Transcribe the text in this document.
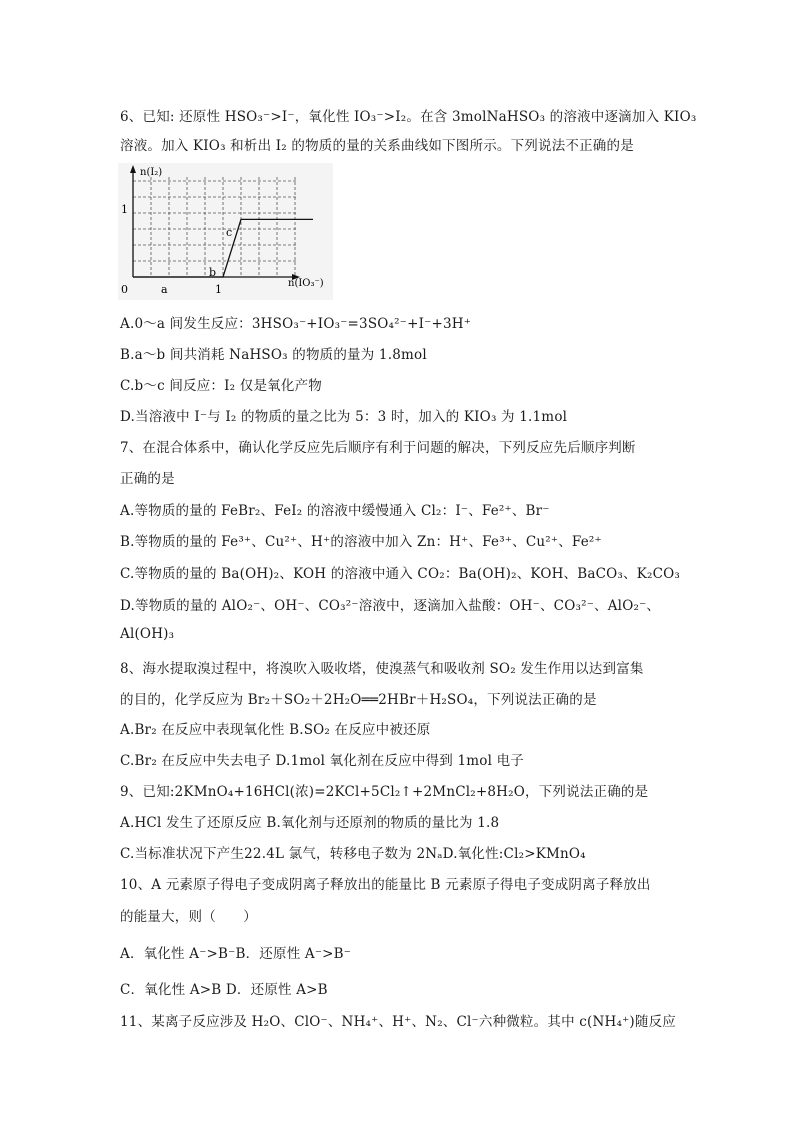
6、已知: 还原性 HSO₃⁻>I⁻，氧化性 IO₃⁻>I₂。在含 3molNaHSO₃ 的溶液中逐滴加入 KIO₃
溶液。加入 KIO₃ 和析出 I₂ 的物质的量的关系曲线如下图所示。下列说法不正确的是
n(I₂)
n(IO₃⁻)
0	a	1
1
b
c
A.0～a 间发生反应：3HSO₃⁻+IO₃⁻=3SO₄²⁻+I⁻+3H⁺
B.a～b 间共消耗 NaHSO₃ 的物质的量为 1.8mol
C.b～c 间反应：I₂ 仅是氧化产物
D.当溶液中 I⁻与 I₂ 的物质的量之比为 5：3 时，加入的 KIO₃ 为 1.1mol
7、在混合体系中，确认化学反应先后顺序有利于问题的解决，下列反应先后顺序判断
正确的是
A.等物质的量的 FeBr₂、FeI₂ 的溶液中缓慢通入 Cl₂：I⁻、Fe²⁺、Br⁻
B.等物质的量的 Fe³⁺、Cu²⁺、H⁺的溶液中加入 Zn：H⁺、Fe³⁺、Cu²⁺、Fe²⁺
C.等物质的量的 Ba(OH)₂、KOH 的溶液中通入 CO₂：Ba(OH)₂、KOH、BaCO₃、K₂CO₃
D.等物质的量的 AlO₂⁻、OH⁻、CO₃²⁻溶液中，逐滴加入盐酸：OH⁻、CO₃²⁻、AlO₂⁻、
Al(OH)₃
8、海水提取溴过程中，将溴吹入吸收塔，使溴蒸气和吸收剂 SO₂ 发生作用以达到富集
的目的，化学反应为 Br₂＋SO₂＋2H₂O══2HBr＋H₂SO₄，下列说法正确的是
A.Br₂ 在反应中表现氧化性 B.SO₂ 在反应中被还原
C.Br₂ 在反应中失去电子 D.1mol 氧化剂在反应中得到 1mol 电子
9、已知:2KMnO₄+16HCl(浓)=2KCl+5Cl₂↑+2MnCl₂+8H₂O，下列说法正确的是
A.HCl 发生了还原反应 B.氧化剂与还原剂的物质的量比为 1.8
C.当标准状况下产生22.4L 氯气，转移电子数为 2NₐD.氧化性:Cl₂>KMnO₄
10、A 元素原子得电子变成阴离子释放出的能量比 B 元素原子得电子变成阴离子释放出
的能量大，则（　　）
A．氧化性 A⁻>B⁻B．还原性 A⁻>B⁻
C．氧化性 A>B D．还原性 A>B
11、某离子反应涉及 H₂O、ClO⁻、NH₄⁺、H⁺、N₂、Cl⁻六种微粒。其中 c(NH₄⁺)随反应
